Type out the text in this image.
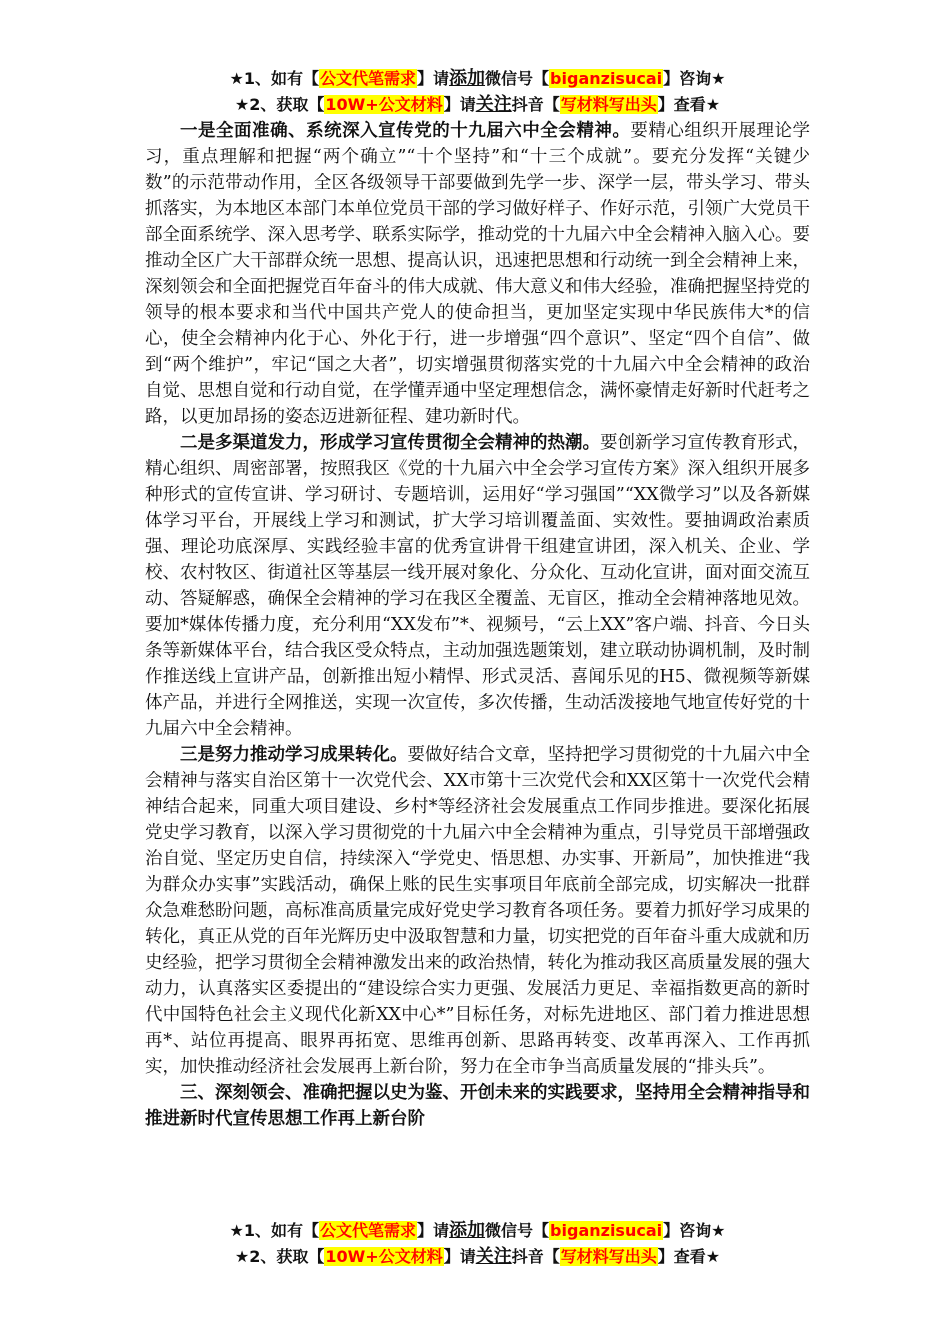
★1、如有【公文代笔需求】请添加微信号【biganzisucai】咨询★
★2、获取【10W+公文材料】请关注抖音【写材料写出头】查看★

一是全面准确、系统深入宣传党的十九届六中全会精神。要精心组织开展理论学习，重点理解和把握“两个确立”“十个坚持”和“十三个成就”。要充分发挥“关键少数”的示范带动作用，全区各级领导干部要做到先学一步、深学一层，带头学习、带头抓落实，为本地区本部门本单位党员干部的学习做好样子、作好示范，引领广大党员干部全面系统学、深入思考学、联系实际学，推动党的十九届六中全会精神入脑入心。要推动全区广大干部群众统一思想、提高认识，迅速把思想和行动统一到全会精神上来，深刻领会和全面把握党百年奋斗的伟大成就、伟大意义和伟大经验，准确把握坚持党的领导的根本要求和当代中国共产党人的使命担当，更加坚定实现中华民族伟大*的信心，使全会精神内化于心、外化于行，进一步增强“四个意识”、坚定“四个自信”、做到“两个维护”，牢记“国之大者”，切实增强贯彻落实党的十九届六中全会精神的政治自觉、思想自觉和行动自觉，在学懂弄通中坚定理想信念，满怀豪情走好新时代赶考之路，以更加昂扬的姿态迈进新征程、建功新时代。

二是多渠道发力，形成学习宣传贯彻全会精神的热潮。要创新学习宣传教育形式，精心组织、周密部署，按照我区《党的十九届六中全会学习宣传方案》深入组织开展多种形式的宣传宣讲、学习研讨、专题培训，运用好“学习强国”“XX微学习”以及各新媒体学习平台，开展线上学习和测试，扩大学习培训覆盖面、实效性。要抽调政治素质强、理论功底深厚、实践经验丰富的优秀宣讲骨干组建宣讲团，深入机关、企业、学校、农村牧区、街道社区等基层一线开展对象化、分众化、互动化宣讲，面对面交流互动、答疑解惑，确保全会精神的学习在我区全覆盖、无盲区，推动全会精神落地见效。要加*媒体传播力度，充分利用“XX发布”*、视频号，“云上XX”客户端、抖音、今日头条等新媒体平台，结合我区受众特点，主动加强选题策划，建立联动协调机制，及时制作推送线上宣讲产品，创新推出短小精悍、形式灵活、喜闻乐见的H5、微视频等新媒体产品，并进行全网推送，实现一次宣传，多次传播，生动活泼接地气地宣传好党的十九届六中全会精神。

三是努力推动学习成果转化。要做好结合文章，坚持把学习贯彻党的十九届六中全会精神与落实自治区第十一次党代会、XX市第十三次党代会和XX区第十一次党代会精神结合起来，同重大项目建设、乡村*等经济社会发展重点工作同步推进。要深化拓展党史学习教育，以深入学习贯彻党的十九届六中全会精神为重点，引导党员干部增强政治自觉、坚定历史自信，持续深入“学党史、悟思想、办实事、开新局”，加快推进“我为群众办实事”实践活动，确保上账的民生实事项目年底前全部完成，切实解决一批群众急难愁盼问题，高标准高质量完成好党史学习教育各项任务。要着力抓好学习成果的转化，真正从党的百年光辉历史中汲取智慧和力量，切实把党的百年奋斗重大成就和历史经验，把学习贯彻全会精神激发出来的政治热情，转化为推动我区高质量发展的强大动力，认真落实区委提出的“建设综合实力更强、发展活力更足、幸福指数更高的新时代中国特色社会主义现代化新XX中心*”目标任务，对标先进地区、部门着力推进思想再*、站位再提高、眼界再拓宽、思维再创新、思路再转变、改革再深入、工作再抓实，加快推动经济社会发展再上新台阶，努力在全市争当高质量发展的“排头兵”。

三、深刻领会、准确把握以史为鉴、开创未来的实践要求，坚持用全会精神指导和推进新时代宣传思想工作再上新台阶

★1、如有【公文代笔需求】请添加微信号【biganzisucai】咨询★
★2、获取【10W+公文材料】请关注抖音【写材料写出头】查看★
